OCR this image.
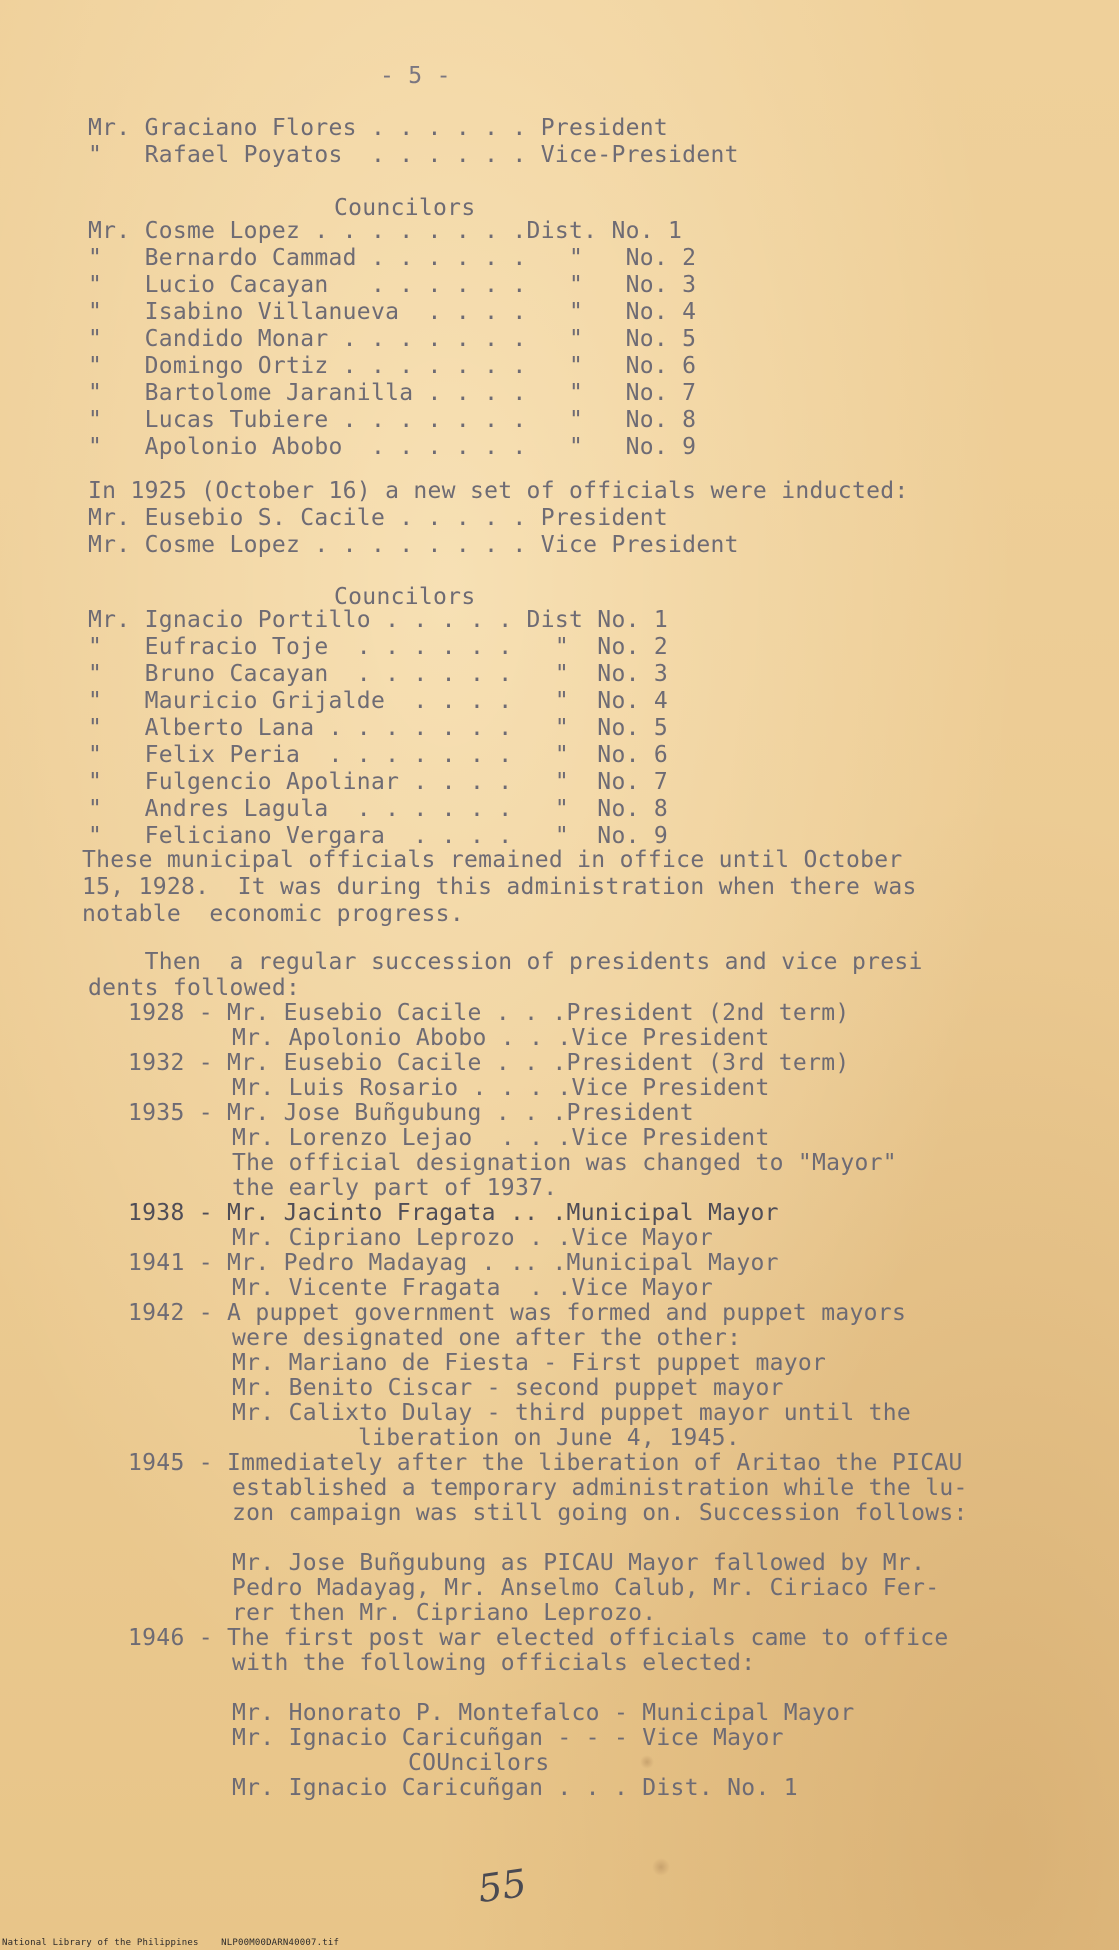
- 5 -
Mr. Graciano Flores . . . . . . President
"   Rafael Poyatos  . . . . . . Vice-President
Councilors
Mr. Cosme Lopez . . . . . . . .Dist. No. 1
"   Bernardo Cammad . . . . . .   "   No. 2
"   Lucio Cacayan   . . . . . .   "   No. 3
"   Isabino Villanueva  . . . .   "   No. 4
"   Candido Monar . . . . . . .   "   No. 5
"   Domingo Ortiz . . . . . . .   "   No. 6
"   Bartolome Jaranilla . . . .   "   No. 7
"   Lucas Tubiere . . . . . . .   "   No. 8
"   Apolonio Abobo  . . . . . .   "   No. 9
In 1925 (October 16) a new set of officials were inducted:
Mr. Eusebio S. Cacile . . . . . President
Mr. Cosme Lopez . . . . . . . . Vice President
Councilors
Mr. Ignacio Portillo . . . . . Dist No. 1
"   Eufracio Toje  . . . . . .   "  No. 2
"   Bruno Cacayan  . . . . . .   "  No. 3
"   Mauricio Grijalde  . . . .   "  No. 4
"   Alberto Lana . . . . . . .   "  No. 5
"   Felix Peria  . . . . . . .   "  No. 6
"   Fulgencio Apolinar . . . .   "  No. 7
"   Andres Lagula  . . . . . .   "  No. 8
"   Feliciano Vergara  . . . .   "  No. 9
These municipal officials remained in office until October
15, 1928.  It was during this administration when there was
notable  economic progress.
Then  a regular succession of presidents and vice presi
dents followed:
1928 - Mr. Eusebio Cacile . . .President (2nd term)
Mr. Apolonio Abobo . . .Vice President
1932 - Mr. Eusebio Cacile . . .President (3rd term)
Mr. Luis Rosario . . . .Vice President
1935 - Mr. Jose Buñgubung . . .President
Mr. Lorenzo Lejao  . . .Vice President
The official designation was changed to "Mayor"
the early part of 1937.
1938 - Mr. Jacinto Fragata .. .Municipal Mayor
Mr. Cipriano Leprozo . .Vice Mayor
1941 - Mr. Pedro Madayag . .. .Municipal Mayor
Mr. Vicente Fragata  . .Vice Mayor
1942 - A puppet government was formed and puppet mayors
were designated one after the other:
Mr. Mariano de Fiesta - First puppet mayor
Mr. Benito Ciscar - second puppet mayor
Mr. Calixto Dulay - third puppet mayor until the
liberation on June 4, 1945.
1945 - Immediately after the liberation of Aritao the PICAU
established a temporary administration while the lu-
zon campaign was still going on. Succession follows:
Mr. Jose Buñgubung as PICAU Mayor fallowed by Mr.
Pedro Madayag, Mr. Anselmo Calub, Mr. Ciriaco Fer-
rer then Mr. Cipriano Leprozo.
1946 - The first post war elected officials came to office
with the following officials elected:
Mr. Honorato P. Montefalco - Municipal Mayor
Mr. Ignacio Caricuñgan - - - Vice Mayor
COUncilors
Mr. Ignacio Caricuñgan . . . Dist. No. 1
55
National Library of the Philippines    NLP00M00DARN40007.tif
